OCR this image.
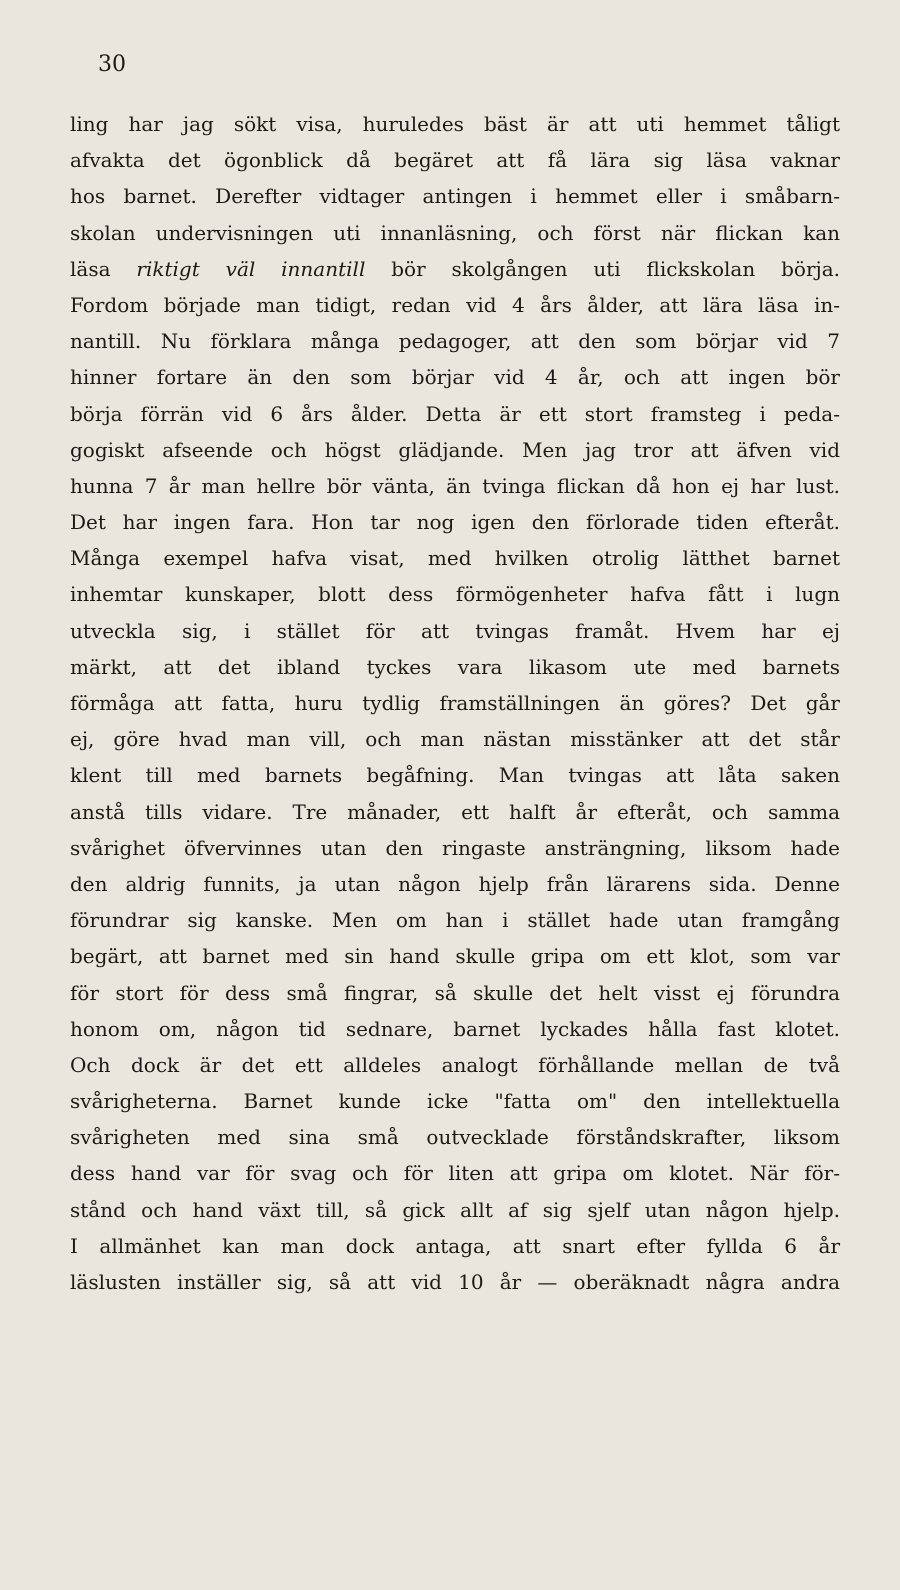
30
ling har jag sökt visa, huruledes bäst är att uti hemmet tåligt
afvakta det ögonblick då begäret att få lära sig läsa vaknar
hos barnet. Derefter vidtager antingen i hemmet eller i småbarn-
skolan undervisningen uti innanläsning, och först när flickan kan
läsa riktigt väl innantill bör skolgången uti flickskolan börja.
Fordom började man tidigt, redan vid 4 års ålder, att lära läsa in-
nantill. Nu förklara många pedagoger, att den som börjar vid 7
hinner fortare än den som börjar vid 4 år, och att ingen bör
börja förrän vid 6 års ålder. Detta är ett stort framsteg i peda-
gogiskt afseende och högst glädjande. Men jag tror att äfven vid
hunna 7 år man hellre bör vänta, än tvinga flickan då hon ej har lust.
Det har ingen fara. Hon tar nog igen den förlorade tiden efteråt.
Många exempel hafva visat, med hvilken otrolig lätthet barnet
inhemtar kunskaper, blott dess förmögenheter hafva fått i lugn
utveckla sig, i stället för att tvingas framåt. Hvem har ej
märkt, att det ibland tyckes vara likasom ute med barnets
förmåga att fatta, huru tydlig framställningen än göres? Det går
ej, göre hvad man vill, och man nästan misstänker att det står
klent till med barnets begåfning. Man tvingas att låta saken
anstå tills vidare. Tre månader, ett halft år efteråt, och samma
svårighet öfvervinnes utan den ringaste ansträngning, liksom hade
den aldrig funnits, ja utan någon hjelp från lärarens sida. Denne
förundrar sig kanske. Men om han i stället hade utan framgång
begärt, att barnet med sin hand skulle gripa om ett klot, som var
för stort för dess små fingrar, så skulle det helt visst ej förundra
honom om, någon tid sednare, barnet lyckades hålla fast klotet.
Och dock är det ett alldeles analogt förhållande mellan de två
svårigheterna. Barnet kunde icke "fatta om" den intellektuella
svårigheten med sina små outvecklade förståndskrafter, liksom
dess hand var för svag och för liten att gripa om klotet. När för-
stånd och hand växt till, så gick allt af sig sjelf utan någon hjelp.
I allmänhet kan man dock antaga, att snart efter fyllda 6 år
läslusten inställer sig, så att vid 10 år — oberäknadt några andra
